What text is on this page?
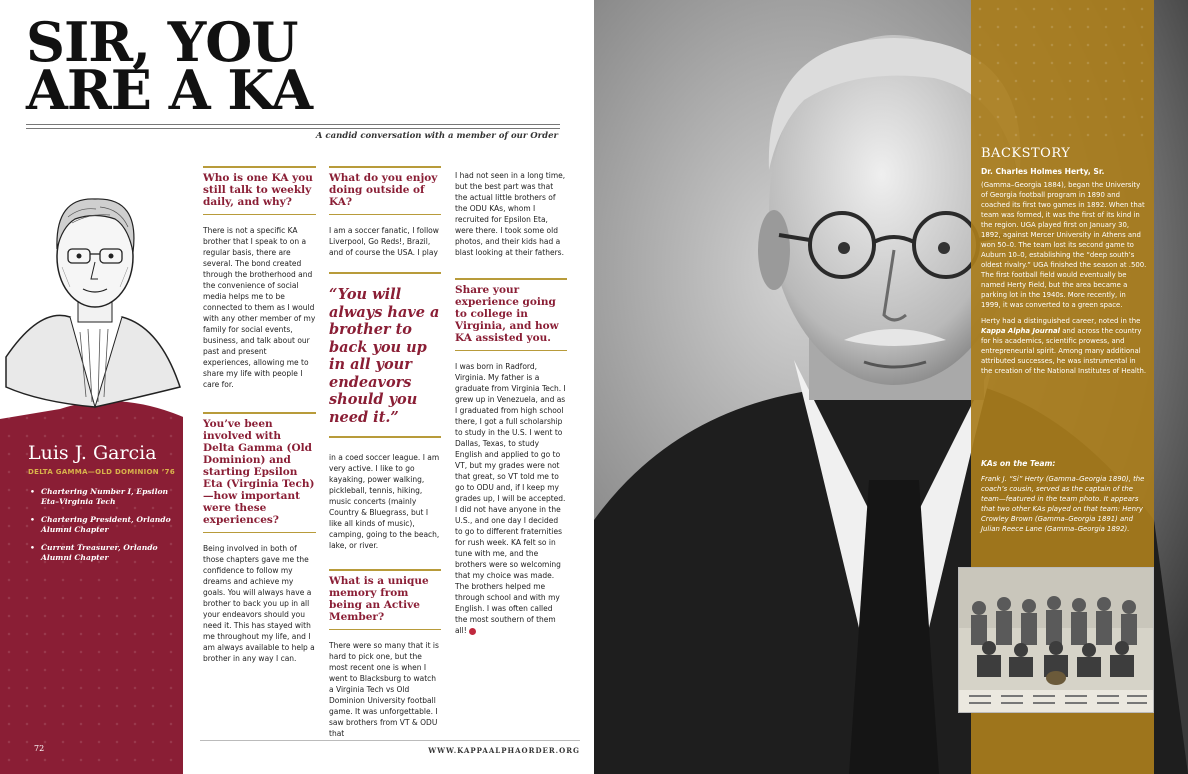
SIR, YOU
ARE A KA
A candid conversation with a member of our Order
Luis J. Garcia
DELTA GAMMA—OLD DOMINION ’76
• Chartering Number I, Epsilon Eta–Virginia Tech
• Chartering President, Orlando Alumni Chapter
• Current Treasurer, Orlando Alumni Chapter
Who is one KA you still talk to weekly daily, and why?

There is not a specific KA brother that I speak to on a regular basis, there are several. The bond created through the brotherhood and the convenience of social media helps me to be connected to them as I would with any other member of my family for social events, business, and talk about our past and present experiences, allowing me to share my life with people I care for.

You’ve been involved with Delta Gamma (Old Dominion) and starting Epsilon Eta (Virginia Tech)—how important were these experiences?

Being involved in both of those chapters gave me the confidence to follow my dreams and achieve my goals. You will always have a brother to back you up in all your endeavors should you need it. This has stayed with me throughout my life, and I am always available to help a brother in any way I can.

What do you enjoy doing outside of KA?

I am a soccer fanatic, I follow Liverpool, Go Reds!, Brazil, and of course the USA. I play

“You will always have a brother to back you up in all your endeavors should you need it.”

in a coed soccer league. I am very active. I like to go kayaking, power walking, pickleball, tennis, hiking, music concerts (mainly Country & Bluegrass, but I like all kinds of music), camping, going to the beach, lake, or river.

What is a unique memory from being an Active Member?

There were so many that it is hard to pick one, but the most recent one is when I went to Blacksburg to watch a Virginia Tech vs Old Dominion University football game. It was unforgettable. I saw brothers from VT & ODU that

I had not seen in a long time, but the best part was that the actual little brothers of the ODU KAs, whom I recruited for Epsilon Eta, were there. I took some old photos, and their kids had a blast looking at their fathers.

Share your experience going to college in Virginia, and how KA assisted you.

I was born in Radford, Virginia. My father is a graduate from Virginia Tech. I grew up in Venezuela, and as I graduated from high school there, I got a full scholarship to study in the U.S. I went to Dallas, Texas, to study English and applied to go to VT, but my grades were not that great, so VT told me to go to ODU and, if I keep my grades up, I will be accepted. I did not have anyone in the U.S., and one day I decided to go to different fraternities for rush week. KA felt so in tune with me, and the brothers were so welcoming that my choice was made. The brothers helped me through school and with my English. I was often called the most southern of them all!

72	WWW.KAPPAALPHAORDER.ORG
BACKSTORY
Dr. Charles Holmes Herty, Sr.

(Gamma–Georgia 1884), began the University of Georgia football program in 1890 and coached its first two games in 1892. When that team was formed, it was the first of its kind in the region. UGA played first on January 30, 1892, against Mercer University in Athens and won 50–0. The team lost its second game to Auburn 10–0, establishing the “deep south’s oldest rivalry.” UGA finished the season at .500. The first football field would eventually be named Herty Field, but the area became a parking lot in the 1940s. More recently, in 1999, it was converted to a green space.

Herty had a distinguished career, noted in the Kappa Alpha Journal and across the country for his academics, scientific prowess, and entrepreneurial spirit. Among many additional attributed successes, he was instrumental in the creation of the National Institutes of Health.

KAs on the Team:
Frank J. “Si” Herty (Gamma–Georgia 1890), the coach’s cousin, served as the captain of the team—featured in the team photo. It appears that two other KAs played on that team: Henry Crowley Brown (Gamma–Georgia 1891) and Julian Reece Lane (Gamma–Georgia 1892).
